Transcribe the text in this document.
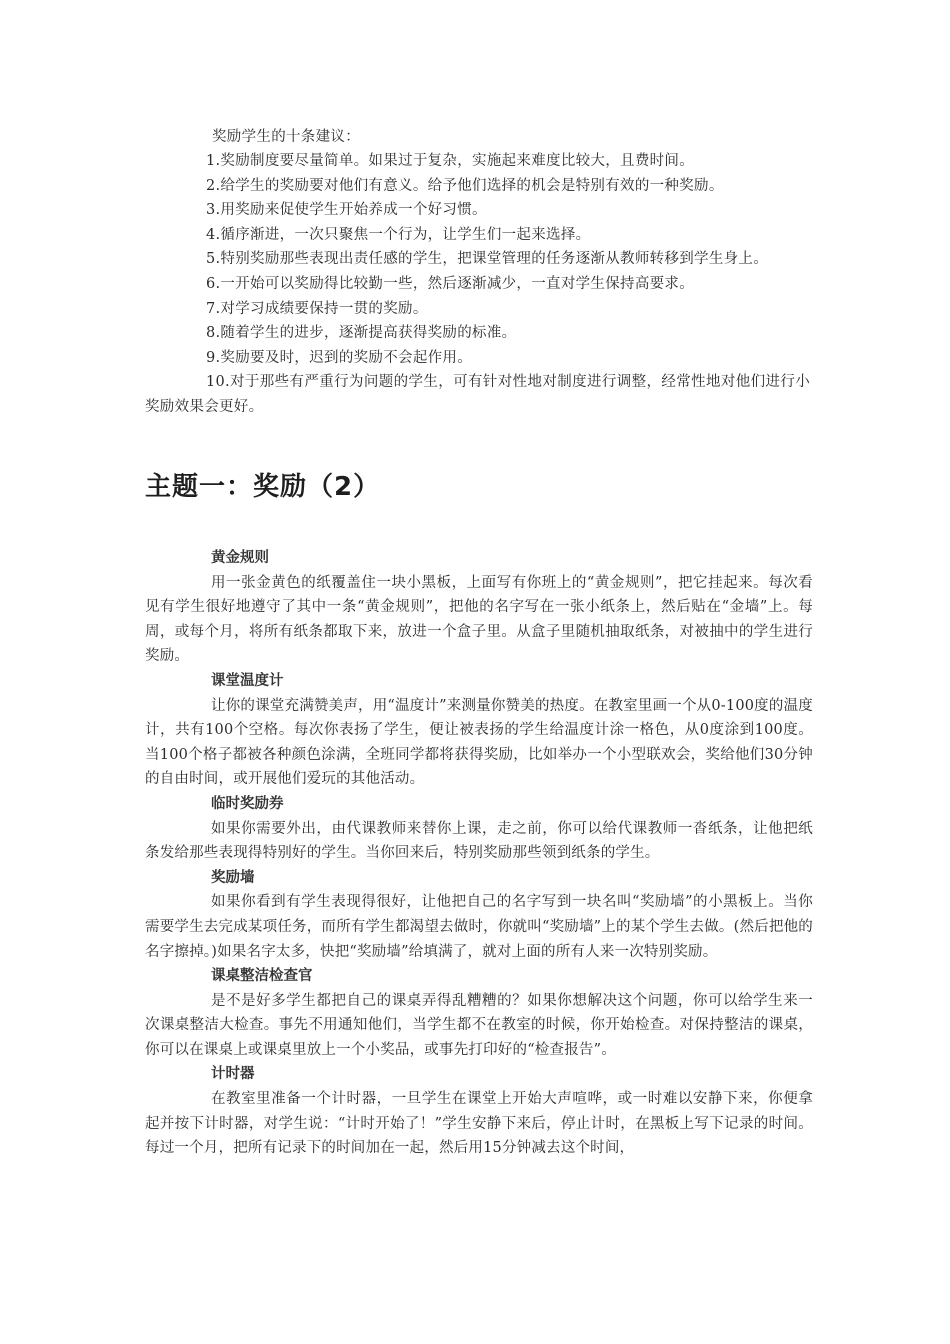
奖励学生的十条建议：
1.奖励制度要尽量简单。如果过于复杂，实施起来难度比较大，且费时间。
2.给学生的奖励要对他们有意义。给予他们选择的机会是特别有效的一种奖励。
3.用奖励来促使学生开始养成一个好习惯。
4.循序渐进，一次只聚焦一个行为，让学生们一起来选择。
5.特别奖励那些表现出责任感的学生，把课堂管理的任务逐渐从教师转移到学生身上。
6.一开始可以奖励得比较勤一些，然后逐渐减少，一直对学生保持高要求。
7.对学习成绩要保持一贯的奖励。
8.随着学生的进步，逐渐提高获得奖励的标准。
9.奖励要及时，迟到的奖励不会起作用。
10.对于那些有严重行为问题的学生，可有针对性地对制度进行调整，经常性地对他们进行小奖励效果会更好。
主题一：奖励（2）
黄金规则
用一张金黄色的纸覆盖住一块小黑板，上面写有你班上的“黄金规则”，把它挂起来。每次看见有学生很好地遵守了其中一条“黄金规则”，把他的名字写在一张小纸条上，然后贴在“金墙”上。每周，或每个月，将所有纸条都取下来，放进一个盒子里。从盒子里随机抽取纸条，对被抽中的学生进行奖励。
课堂温度计
让你的课堂充满赞美声，用“温度计”来测量你赞美的热度。在教室里画一个从0-100度的温度计，共有100个空格。每次你表扬了学生，便让被表扬的学生给温度计涂一格色，从0度涂到100度。当100个格子都被各种颜色涂满，全班同学都将获得奖励，比如举办一个小型联欢会，奖给他们30分钟的自由时间，或开展他们爱玩的其他活动。
临时奖励券
如果你需要外出，由代课教师来替你上课，走之前，你可以给代课教师一沓纸条，让他把纸条发给那些表现得特别好的学生。当你回来后，特别奖励那些领到纸条的学生。
奖励墙
如果你看到有学生表现得很好，让他把自己的名字写到一块名叫“奖励墙”的小黑板上。当你需要学生去完成某项任务，而所有学生都渴望去做时，你就叫“奖励墙”上的某个学生去做。(然后把他的名字擦掉。)如果名字太多，快把“奖励墙”给填满了，就对上面的所有人来一次特别奖励。
课桌整洁检查官
是不是好多学生都把自己的课桌弄得乱糟糟的？如果你想解决这个问题，你可以给学生来一次课桌整洁大检查。事先不用通知他们，当学生都不在教室的时候，你开始检查。对保持整洁的课桌，你可以在课桌上或课桌里放上一个小奖品，或事先打印好的“检查报告”。
计时器
在教室里准备一个计时器，一旦学生在课堂上开始大声喧哗，或一时难以安静下来，你便拿起并按下计时器，对学生说：“计时开始了！”学生安静下来后，停止计时，在黑板上写下记录的时间。每过一个月，把所有记录下的时间加在一起，然后用15分钟减去这个时间，
